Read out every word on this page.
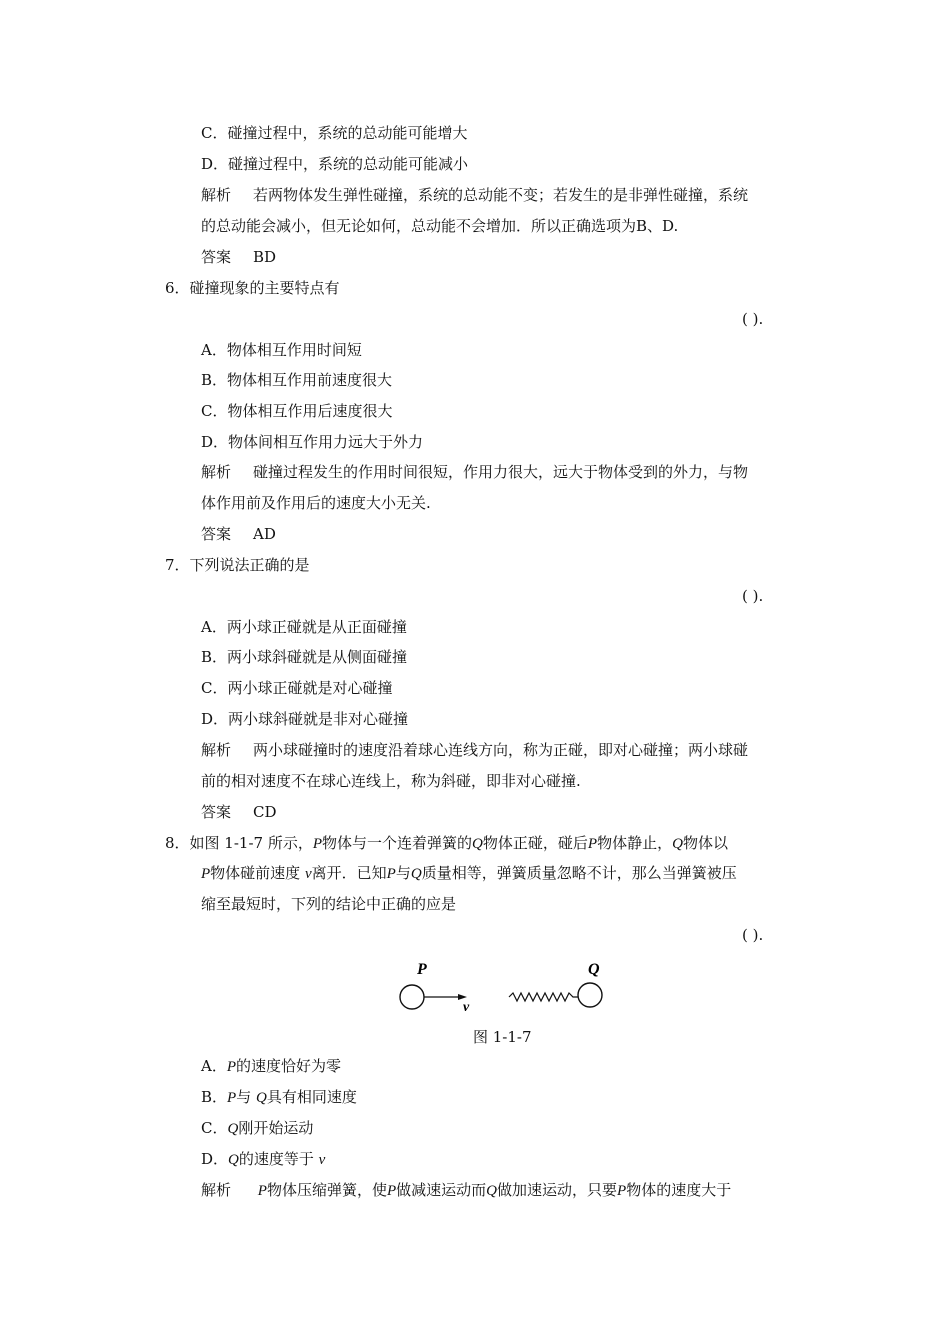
C．碰撞过程中，系统的总动能可能增大
D．碰撞过程中，系统的总动能可能减小
解析 若两物体发生弹性碰撞，系统的总动能不变；若发生的是非弹性碰撞，系统
的总动能会减小，但无论如何，总动能不会增加．所以正确选项为B、D.
答案 BD
6．碰撞现象的主要特点有
( ).
A．物体相互作用时间短
B．物体相互作用前速度很大
C．物体相互作用后速度很大
D．物体间相互作用力远大于外力
解析 碰撞过程发生的作用时间很短，作用力很大，远大于物体受到的外力，与物
体作用前及作用后的速度大小无关.
答案 AD
7．下列说法正确的是
( ).
A．两小球正碰就是从正面碰撞
B．两小球斜碰就是从侧面碰撞
C．两小球正碰就是对心碰撞
D．两小球斜碰就是非对心碰撞
解析 两小球碰撞时的速度沿着球心连线方向，称为正碰，即对心碰撞；两小球碰
前的相对速度不在球心连线上，称为斜碰，即非对心碰撞.
答案 CD
8．如图 1-1-7 所示，P物体与一个连着弹簧的Q物体正碰，碰后P物体静止，Q物体以
P物体碰前速度 v离开．已知P与Q质量相等，弹簧质量忽略不计，那么当弹簧被压
缩至最短时，下列的结论中正确的应是
( ).
P
v
Q
图 1-1-7
A．P的速度恰好为零
B．P与 Q具有相同速度
C．Q刚开始运动
D．Q的速度等于 v
解析 P物体压缩弹簧，使P做减速运动而Q做加速运动，只要P物体的速度大于
